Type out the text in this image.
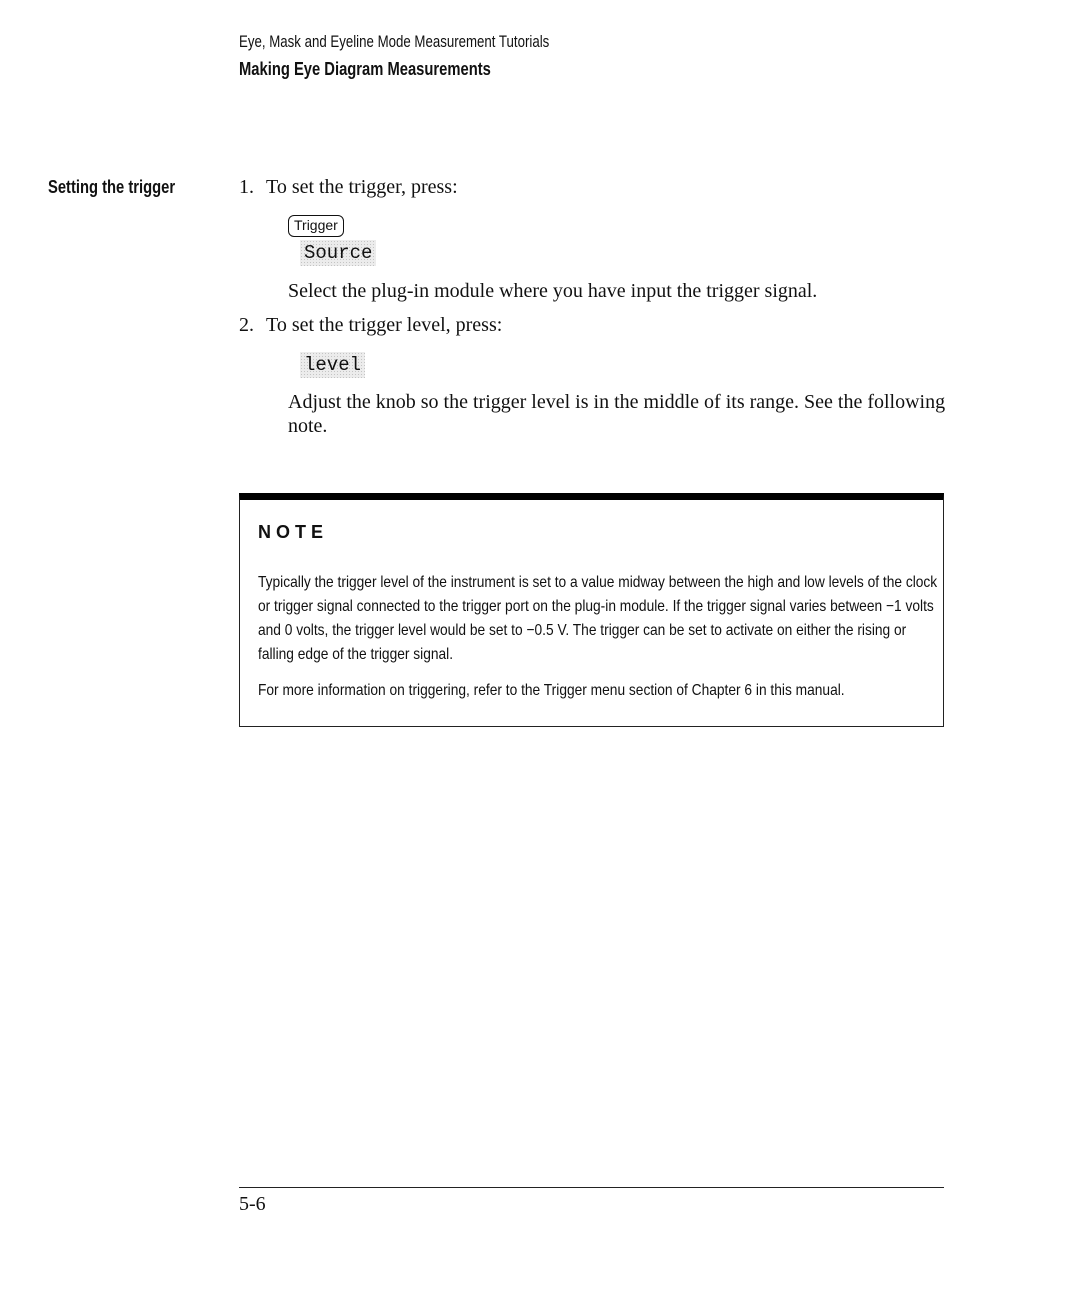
Eye, Mask and Eyeline Mode Measurement Tutorials
Making Eye Diagram Measurements
Setting the trigger	1. To set the trigger, press:
Trigger
Source
Select the plug-in module where you have input the trigger signal.
2. To set the trigger level, press:
level
Adjust the knob so the trigger level is in the middle of its range. See the following note.
NOTE
Typically the trigger level of the instrument is set to a value midway between the high and low levels of the clock or trigger signal connected to the trigger port on the plug-in module. If the trigger signal varies between −1 volts and 0 volts, the trigger level would be set to −0.5 V. The trigger can be set to activate on either the rising or falling edge of the trigger signal.
For more information on triggering, refer to the Trigger menu section of Chapter 6 in this manual.
5-6
